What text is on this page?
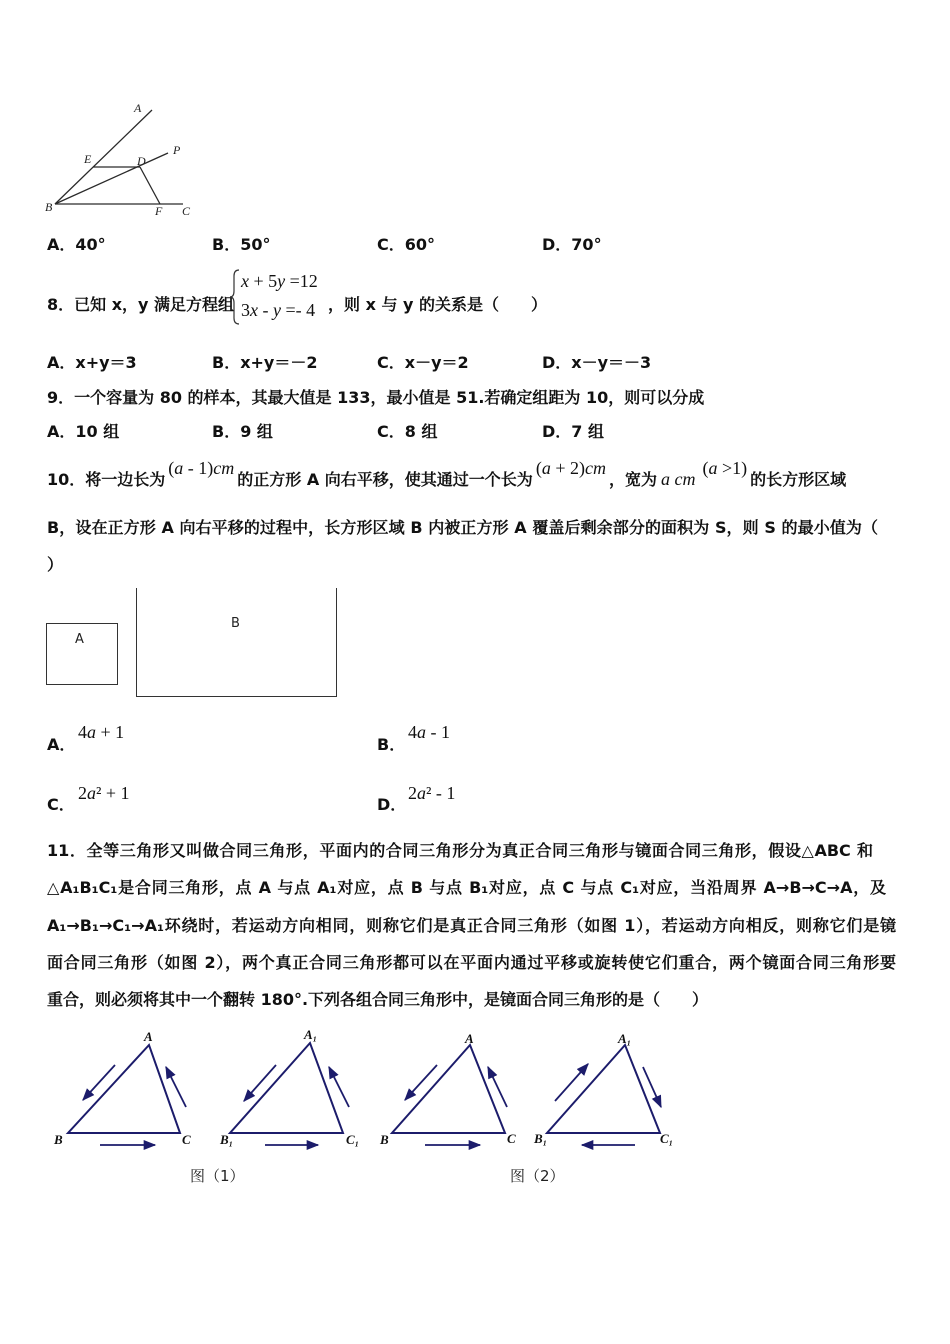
A
E	D
P
B	F C
A．40°	B．50°	C．60°	D．70°
8．已知 x，y 满足方程组
x + 5y =12
3x - y =- 4 ，则 x 与 y 的关系是（　　）
A．x+y＝3	B．x+y＝－2	C．x－y＝2	D．x－y＝－3
9．一个容量为 80 的样本，其最大值是 133，最小值是 51.若确定组距为 10，则可以分成
A．10 组	B．9 组	C．8 组	D．7 组
10．将一边长为(a - 1)cm的正方形 A 向右平移，使其通过一个长为(a + 2)cm，宽为 a cm(a >1)的长方形区域
B，设在正方形 A 向右平移的过程中，长方形区域 B 内被正方形 A 覆盖后剩余部分的面积为 S，则 S 的最小值为（
）
A
B
A．
4a + 1
B．
4a - 1
C．
2a² + 1
D．
2a² - 1
11．全等三角形又叫做合同三角形，平面内的合同三角形分为真正合同三角形与镜面合同三角形，假设△ABC 和
△A₁B₁C₁是合同三角形，点 A 与点 A₁对应，点 B 与点 B₁对应，点 C 与点 C₁对应，当沿周界 A→B→C→A，及
A₁→B₁→C₁→A₁环绕时，若运动方向相同，则称它们是真正合同三角形（如图 1），若运动方向相反，则称它们是镜
面合同三角形（如图 2），两个真正合同三角形都可以在平面内通过平移或旋转使它们重合，两个镜面合同三角形要
重合，则必须将其中一个翻转 180°.下列各组合同三角形中，是镜面合同三角形的是（　　）
A
B	C
A₁
B₁	C₁
A
B	C
A₁
B₁	C₁
图（1）	图（2）
